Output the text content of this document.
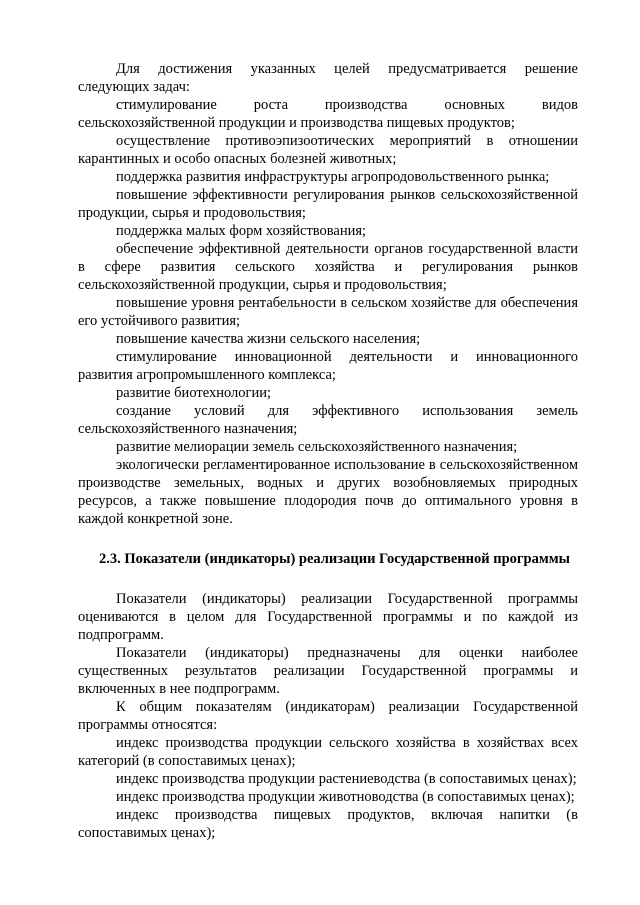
Для достижения указанных целей предусматривается решение следующих задач:

стимулирование роста производства основных видов сельскохозяйственной продукции и производства пищевых продуктов;

осуществление противоэпизоотических мероприятий в отношении карантинных и особо опасных болезней животных;

поддержка развития инфраструктуры агропродовольственного рынка;

повышение эффективности регулирования рынков сельскохозяйственной продукции, сырья и продовольствия;

поддержка малых форм хозяйствования;

обеспечение эффективной деятельности органов государственной власти в сфере развития сельского хозяйства и регулирования рынков сельскохозяйственной продукции, сырья и продовольствия;

повышение уровня рентабельности в сельском хозяйстве для обеспечения его устойчивого развития;

повышение качества жизни сельского населения;

стимулирование инновационной деятельности и инновационного развития агропромышленного комплекса;

развитие биотехнологии;

создание условий для эффективного использования земель сельскохозяйственного назначения;

развитие мелиорации земель сельскохозяйственного назначения;

экологически регламентированное использование в сельскохозяйственном производстве земельных, водных и других возобновляемых природных ресурсов, а также повышение плодородия почв до оптимального уровня в каждой конкретной зоне.

2.3. Показатели (индикаторы) реализации Государственной программы

Показатели (индикаторы) реализации Государственной программы оцениваются в целом для Государственной программы и по каждой из подпрограмм.

Показатели (индикаторы) предназначены для оценки наиболее существенных результатов реализации Государственной программы и включенных в нее подпрограмм.

К общим показателям (индикаторам) реализации Государственной программы относятся:

индекс производства продукции сельского хозяйства в хозяйствах всех категорий (в сопоставимых ценах);

индекс производства продукции растениеводства (в сопоставимых ценах);

индекс производства продукции животноводства (в сопоставимых ценах);

индекс производства пищевых продуктов, включая напитки (в сопоставимых ценах);
